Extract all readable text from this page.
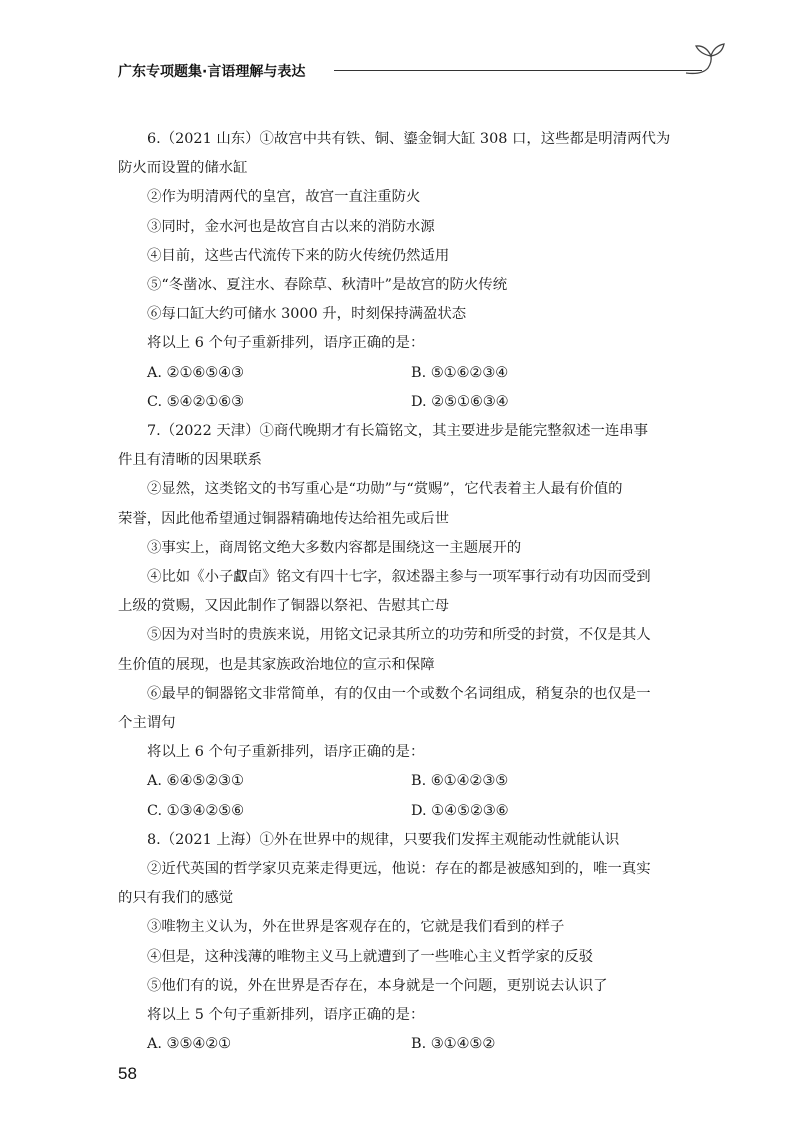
广东专项题集·言语理解与表达
6.（2021 山东）①故宫中共有铁、铜、鎏金铜大缸 308 口，这些都是明清两代为
防火而设置的储水缸
②作为明清两代的皇宫，故宫一直注重防火
③同时，金水河也是故宫自古以来的消防水源
④目前，这些古代流传下来的防火传统仍然适用
⑤“冬凿冰、夏注水、春除草、秋清叶”是故宫的防火传统
⑥每口缸大约可储水 3000 升，时刻保持满盈状态
将以上 6 个句子重新排列，语序正确的是：
A. ②①⑥⑤④③	B. ⑤①⑥②③④
C. ⑤④②①⑥③	D. ②⑤①⑥③④
7.（2022 天津）①商代晚期才有长篇铭文，其主要进步是能完整叙述一连串事
件且有清晰的因果联系
②显然，这类铭文的书写重心是“功勋”与“赏赐”，它代表着主人最有价值的
荣誉，因此他希望通过铜器精确地传达给祖先或后世
③事实上，商周铭文绝大多数内容都是围绕这一主题展开的
④比如《小子𠭯卣》铭文有四十七字，叙述器主参与一项军事行动有功因而受到
上级的赏赐，又因此制作了铜器以祭祀、告慰其亡母
⑤因为对当时的贵族来说，用铭文记录其所立的功劳和所受的封赏，不仅是其人
生价值的展现，也是其家族政治地位的宣示和保障
⑥最早的铜器铭文非常简单，有的仅由一个或数个名词组成，稍复杂的也仅是一
个主谓句
将以上 6 个句子重新排列，语序正确的是：
A. ⑥④⑤②③①	B. ⑥①④②③⑤
C. ①③④②⑤⑥	D. ①④⑤②③⑥
8.（2021 上海）①外在世界中的规律，只要我们发挥主观能动性就能认识
②近代英国的哲学家贝克莱走得更远，他说：存在的都是被感知到的，唯一真实
的只有我们的感觉
③唯物主义认为，外在世界是客观存在的，它就是我们看到的样子
④但是，这种浅薄的唯物主义马上就遭到了一些唯心主义哲学家的反驳
⑤他们有的说，外在世界是否存在，本身就是一个问题，更别说去认识了
将以上 5 个句子重新排列，语序正确的是：
A. ③⑤④②①	B. ③①④⑤②
58
